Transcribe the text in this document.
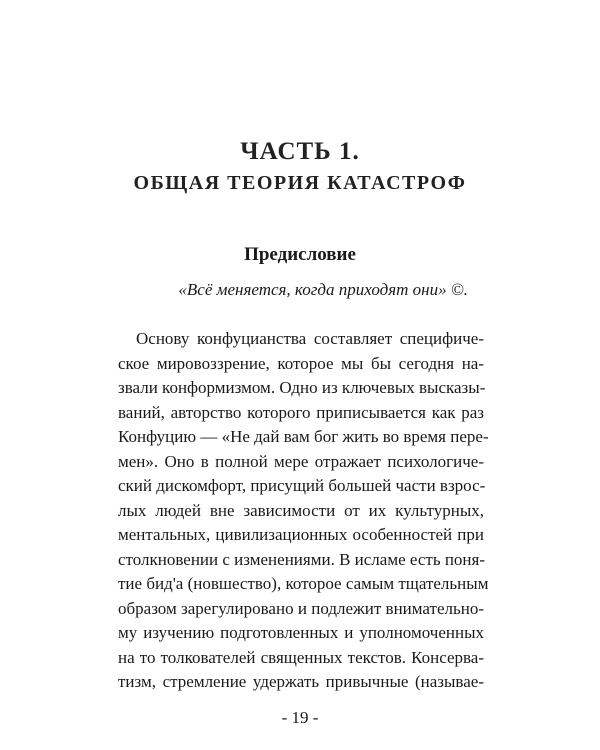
ЧАСТЬ 1.
ОБЩАЯ ТЕОРИЯ КАТАСТРОФ
Предисловие

«Всё меняется, когда приходят они» ©.

Основу конфуцианства составляет специфиче-
ское мировоззрение, которое мы бы сегодня на-
звали конформизмом. Одно из ключевых высказы-
ваний, авторство которого приписывается как раз
Конфуцию — «Не дай вам бог жить во время пере-
мен». Оно в полной мере отражает психологиче-
ский дискомфорт, присущий большей части взрос-
лых людей вне зависимости от их культурных,
ментальных, цивилизационных особенностей при
столкновении с изменениями. В исламе есть поня-
тие бид'а (новшество), которое самым тщательным
образом зарегулировано и подлежит внимательно-
му изучению подготовленных и уполномоченных
на то толкователей священных текстов. Консерва-
тизм, стремление удержать привычные (называе-

- 19 -
